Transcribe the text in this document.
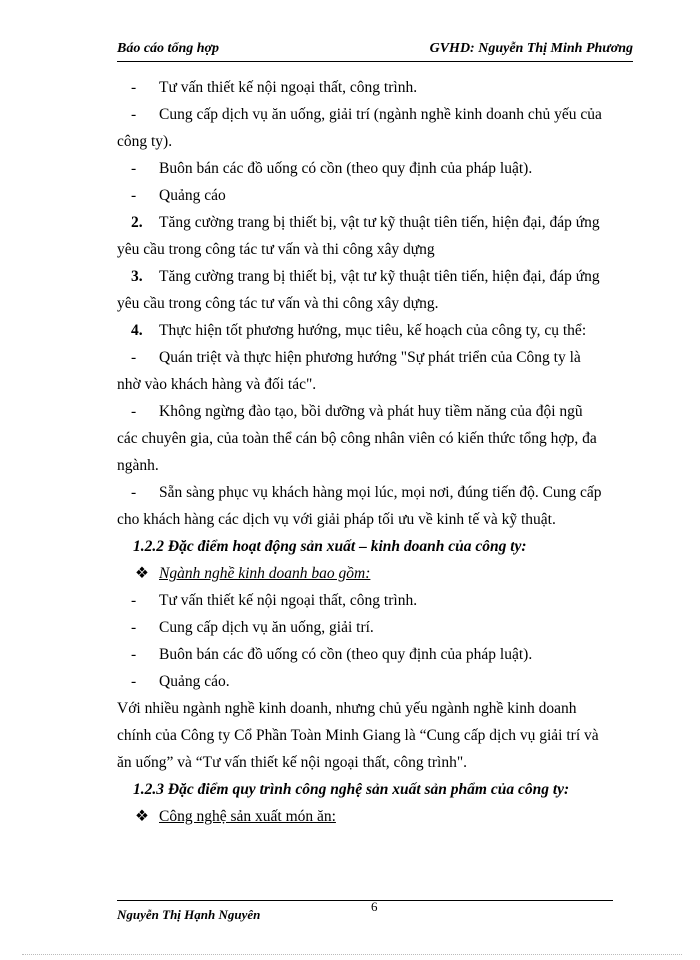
Báo cáo tổng hợp	GVHD: Nguyễn Thị Minh Phương

- Tư vấn thiết kế nội ngoại thất, công trình.

- Cung cấp dịch vụ ăn uống, giải trí (ngành nghề kinh doanh chủ yếu của

công ty).

- Buôn bán các đồ uống có cồn (theo quy định của pháp luật).

- Quảng cáo

2. Tăng cường trang bị thiết bị, vật tư kỹ thuật tiên tiến, hiện đại, đáp ứng

yêu cầu trong công tác tư vấn và thi công xây dựng

3. Tăng cường trang bị thiết bị, vật tư kỹ thuật tiên tiến, hiện đại, đáp ứng

yêu cầu trong công tác tư vấn và thi công xây dựng.

4. Thực hiện tốt phương hướng, mục tiêu, kế hoạch của công ty, cụ thể:

- Quán triệt và thực hiện phương hướng "Sự phát triển của Công ty là

nhờ vào khách hàng và đối tác".

- Không ngừng đào tạo, bồi dưỡng và phát huy tiềm năng của đội ngũ

các chuyên gia, của toàn thể cán bộ công nhân viên có kiến thức tổng hợp, đa

ngành.

- Sẵn sàng phục vụ khách hàng mọi lúc, mọi nơi, đúng tiến độ. Cung cấp

cho khách hàng các dịch vụ với giải pháp tối ưu về kinh tế và kỹ thuật.

1.2.2 Đặc điểm hoạt động sản xuất – kinh doanh của công ty:

❖ Ngành nghề kinh doanh bao gồm:

- Tư vấn thiết kế nội ngoại thất, công trình.

- Cung cấp dịch vụ ăn uống, giải trí.

- Buôn bán các đồ uống có cồn (theo quy định của pháp luật).

- Quảng cáo.

Với nhiều ngành nghề kinh doanh, nhưng chủ yếu ngành nghề kinh doanh

chính của Công ty Cổ Phần Toàn Minh Giang là “Cung cấp dịch vụ giải trí và

ăn uống” và “Tư vấn thiết kế nội ngoại thất, công trình".

1.2.3 Đặc điểm quy trình công nghệ sản xuất sản phẩm của công ty:

❖ Công nghệ sản xuất món ăn:

Nguyễn Thị Hạnh Nguyên
6
